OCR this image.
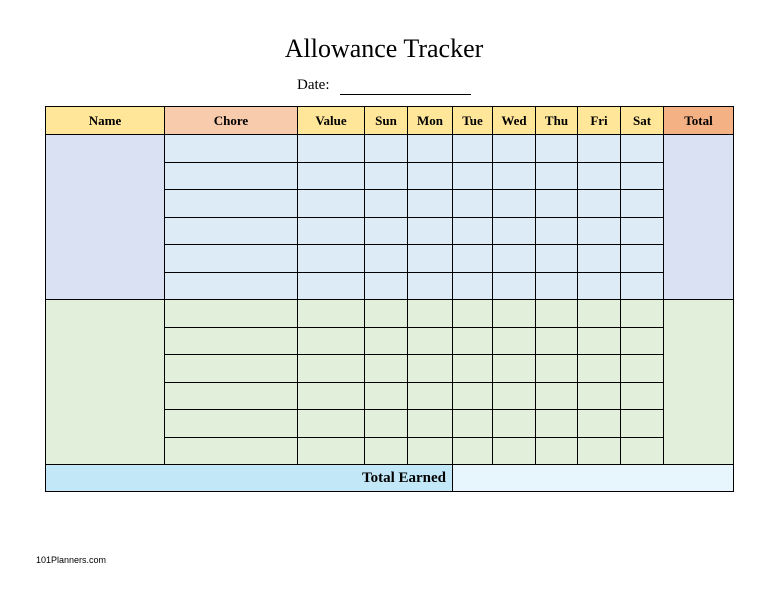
Allowance Tracker
Date:
Name	Chore	Value	Sun	Mon	Tue	Wed	Thu	Fri	Sat	Total

Total Earned										
101Planners.com
